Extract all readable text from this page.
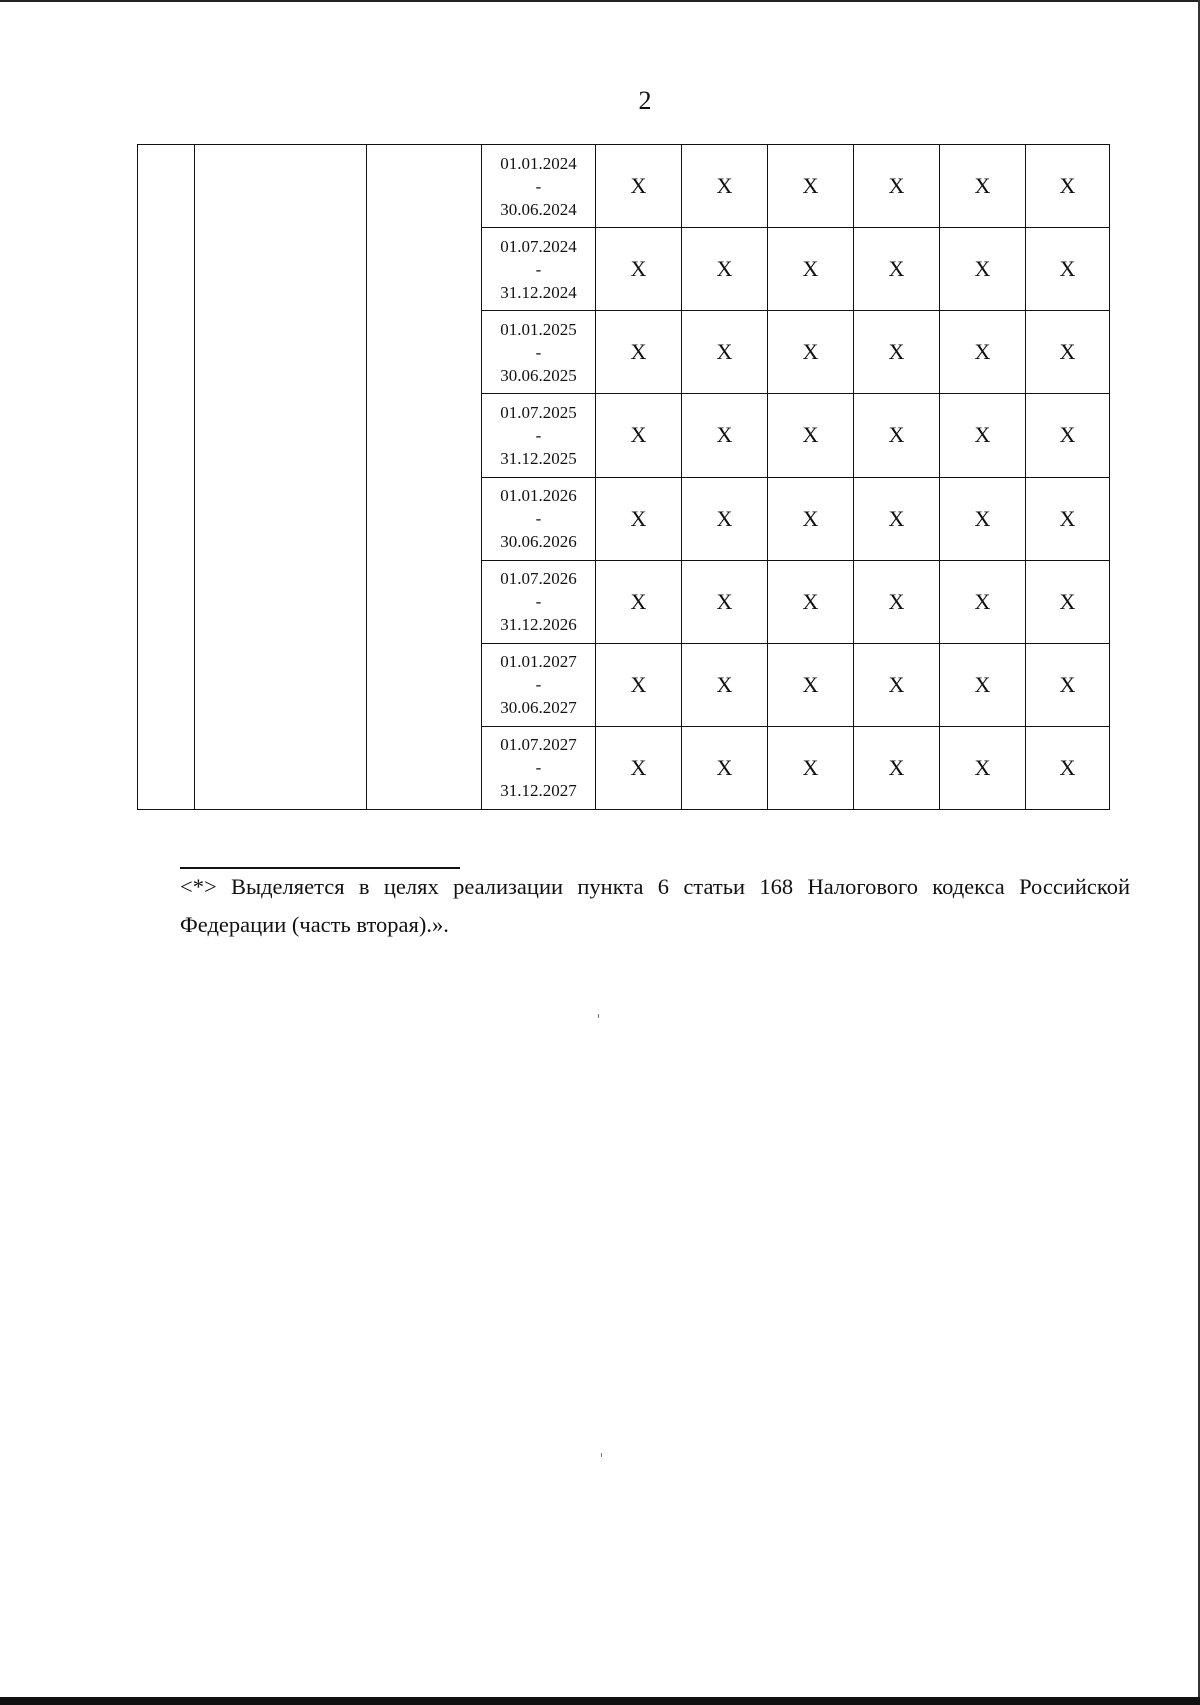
2

			01.01.2024
-
30.06.2024	X	X	X	X	X	X

			01.07.2024
-
31.12.2024	X	X	X	X	X	X

			01.01.2025
-
30.06.2025	X	X	X	X	X	X

			01.07.2025
-
31.12.2025	X	X	X	X	X	X

			01.01.2026
-
30.06.2026	X	X	X	X	X	X

			01.07.2026
-
31.12.2026	X	X	X	X	X	X

			01.01.2027
-
30.06.2027	X	X	X	X	X	X

			01.07.2027
-
31.12.2027	X	X	X	X	X	X
<*> Выделяется в целях реализации пункта 6 статьи 168 Налогового кодекса Российской Федерации (часть вторая).».
